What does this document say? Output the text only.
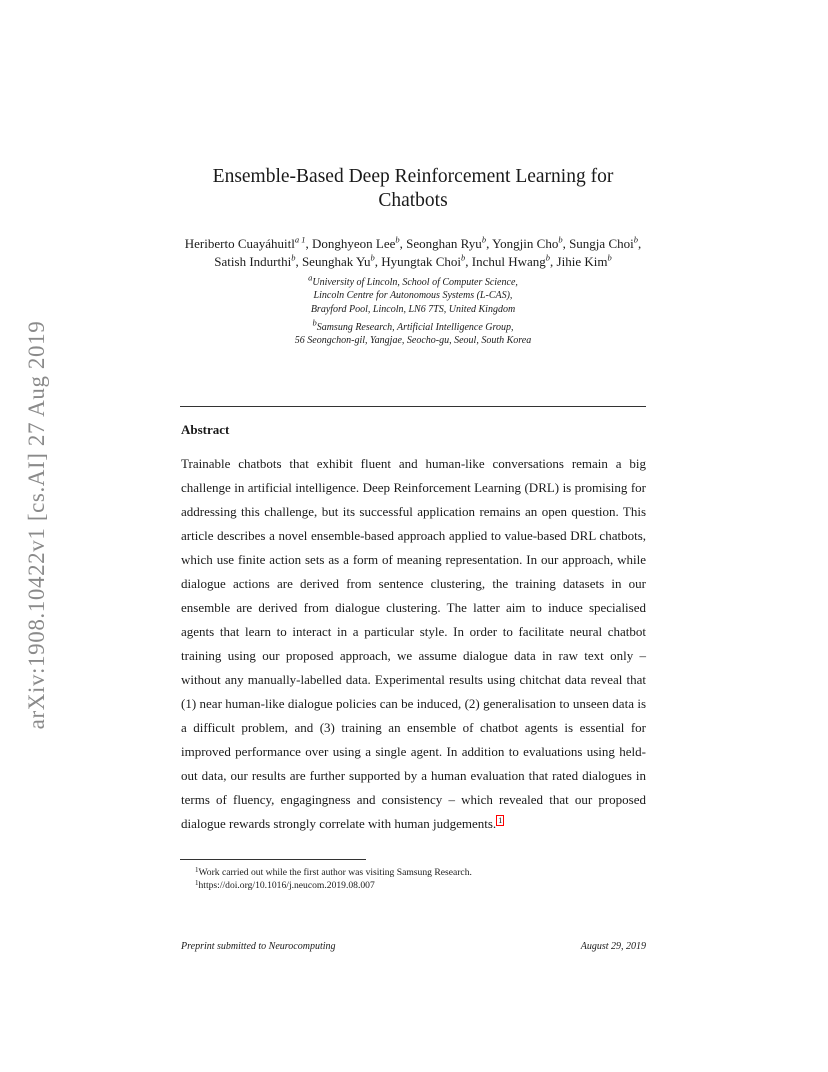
arXiv:1908.10422v1 [cs.AI] 27 Aug 2019
Ensemble-Based Deep Reinforcement Learning for
Chatbots
Heriberto Cuayáhuitl$^{a 1}$, Donghyeon Lee$^b$, Seonghan Ryu$^b$, Yongjin Cho$^b$, Sungja Choi$^b$, Satish Indurthi$^b$, Seunghak Yu$^b$, Hyungtak Choi$^b$, Inchul Hwang$^b$, Jihie Kim$^b$
$^a$University of Lincoln, School of Computer Science,
Lincoln Centre for Autonomous Systems (L-CAS),
Brayford Pool, Lincoln, LN6 7TS, United Kingdom
$^b$Samsung Research, Artificial Intelligence Group,
56 Seongchon-gil, Yangjae, Seocho-gu, Seoul, South Korea
Abstract
Trainable chatbots that exhibit fluent and human-like conversations remain a big challenge in artificial intelligence. Deep Reinforcement Learning (DRL) is promising for addressing this challenge, but its successful application remains an open question. This article describes a novel ensemble-based approach applied to value-based DRL chatbots, which use finite action sets as a form of meaning representation. In our approach, while dialogue actions are derived from sentence clustering, the training datasets in our ensemble are derived from dialogue clustering. The latter aim to induce specialised agents that learn to interact in a particular style. In order to facilitate neural chatbot training using our proposed approach, we assume dialogue data in raw text only – without any manually-labelled data. Experimental results using chitchat data reveal that (1) near human-like dialogue policies can be induced, (2) generalisation to unseen data is a difficult problem, and (3) training an ensemble of chatbot agents is essential for improved performance over using a single agent. In addition to evaluations using held-out data, our results are further supported by a human evaluation that rated dialogues in terms of fluency, engagingness and consistency – which revealed that our proposed dialogue rewards strongly correlate with human judgements. 1
$^1$Work carried out while the first author was visiting Samsung Research.
$^1$https://doi.org/10.1016/j.neucom.2019.08.007
Preprint submitted to Neurocomputing	August 29, 2019
